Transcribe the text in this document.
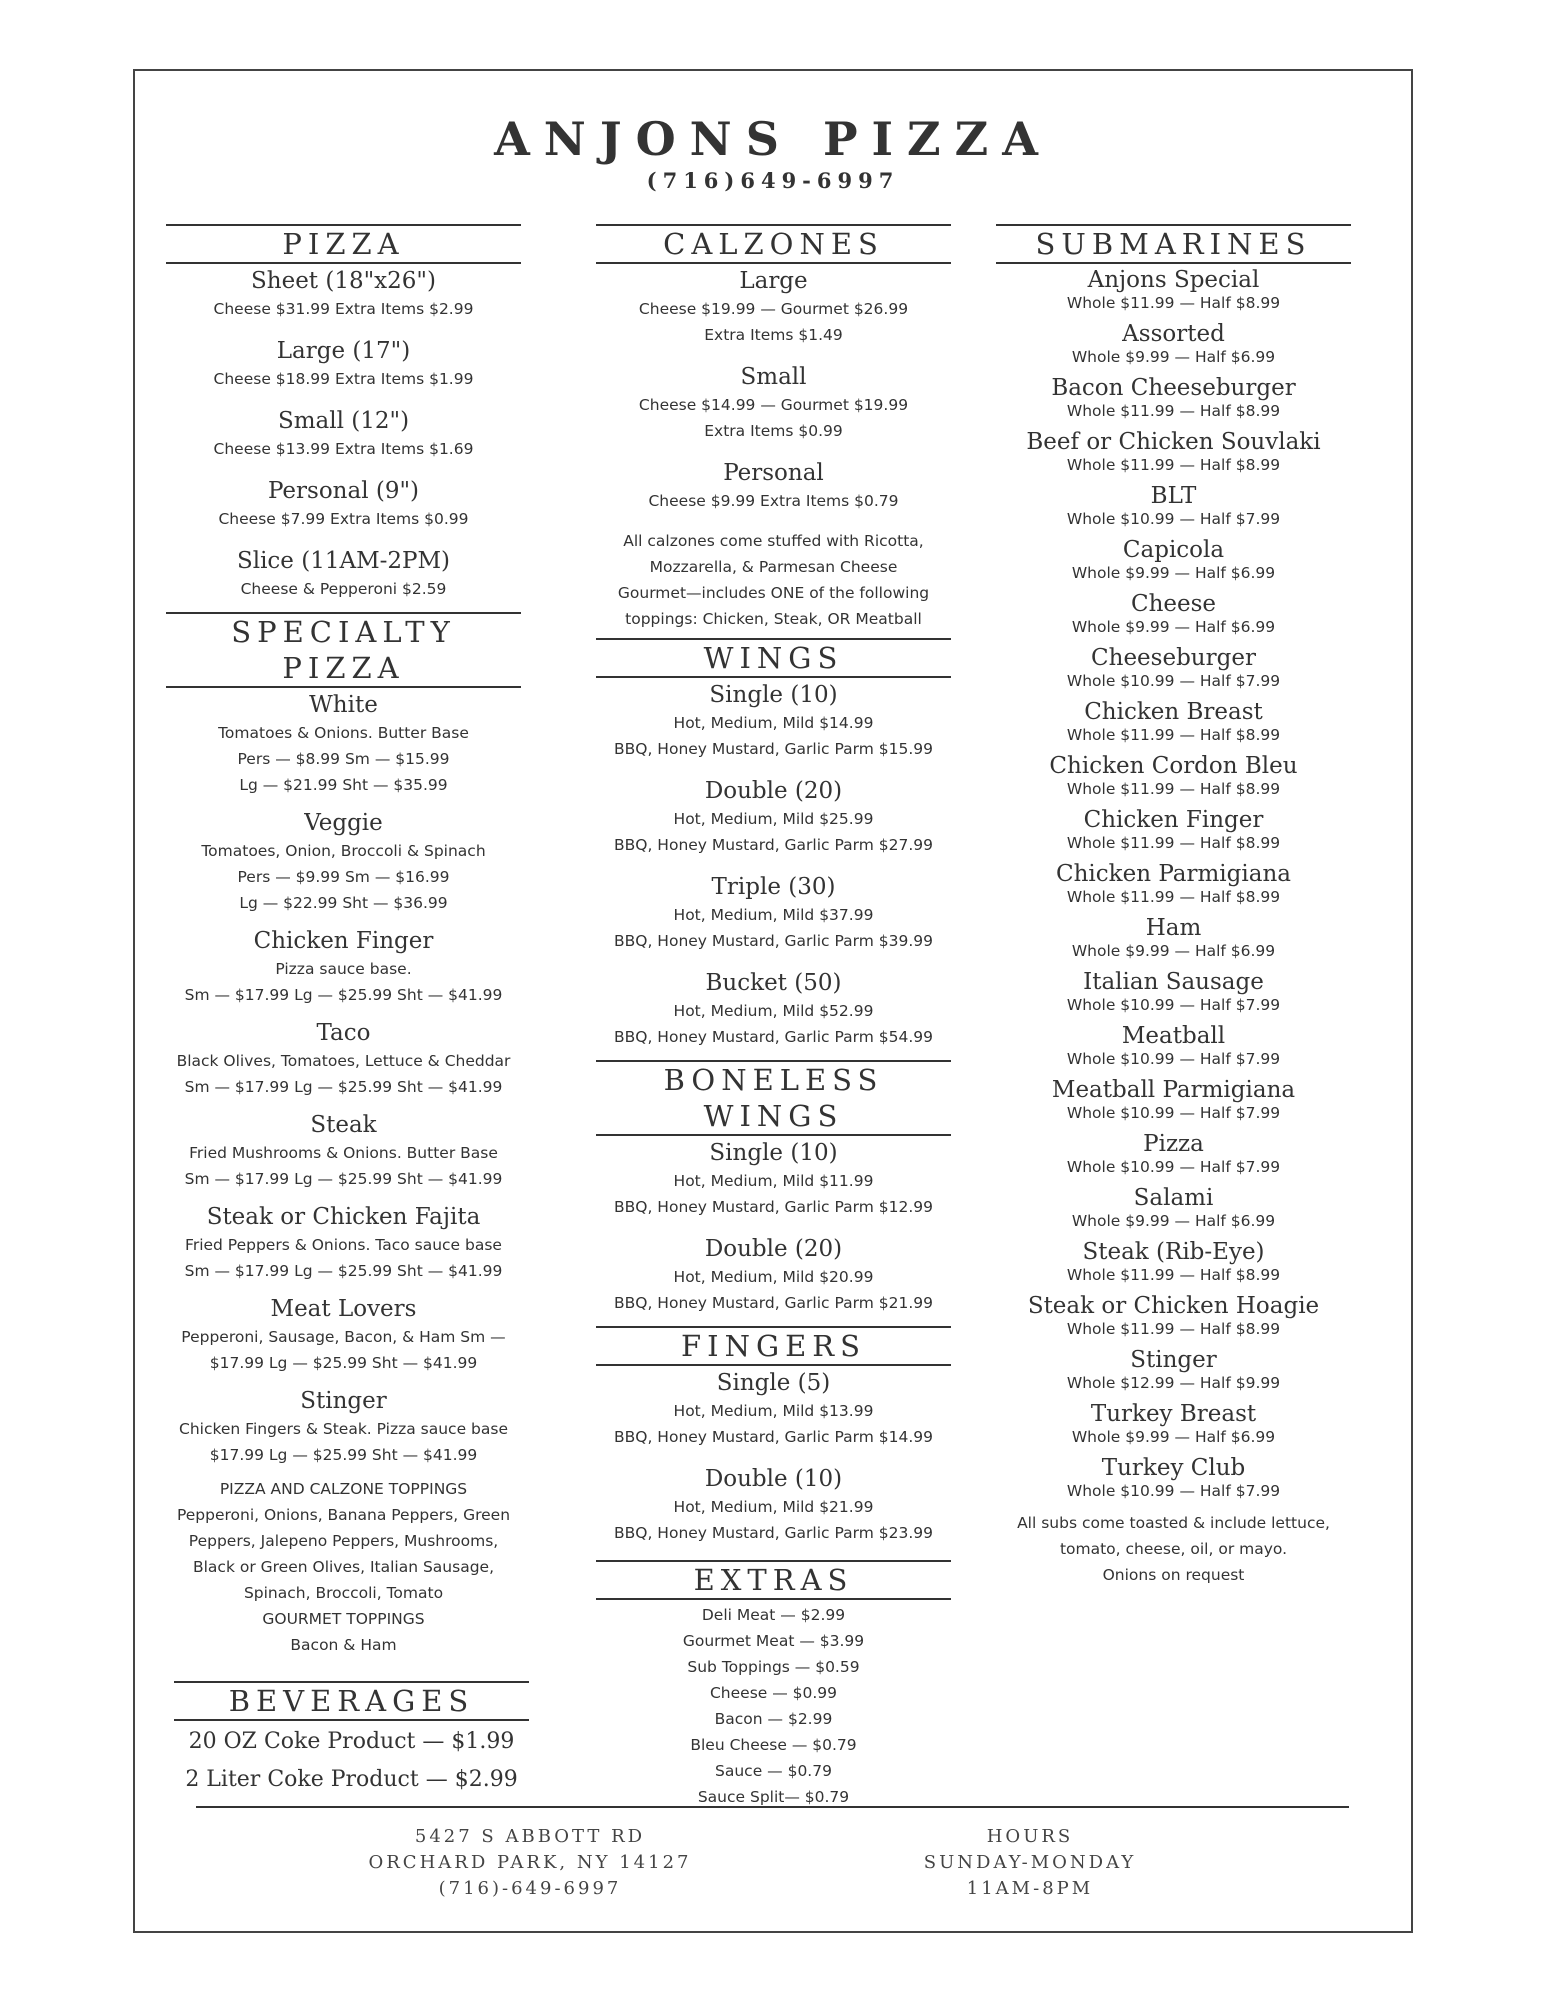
ANJONS PIZZA
(716)649-6997
PIZZA
Sheet (18"x26")
Cheese $31.99 Extra Items $2.99
Large (17")
Cheese $18.99 Extra Items $1.99
Small (12")
Cheese $13.99 Extra Items $1.69
Personal (9")
Cheese $7.99 Extra Items $0.99
Slice (11AM-2PM)
Cheese & Pepperoni $2.59
SPECIALTY PIZZA
White
Tomatoes & Onions. Butter Base
Pers — $8.99 Sm — $15.99
Lg — $21.99 Sht — $35.99
Veggie
Tomatoes, Onion, Broccoli & Spinach
Pers — $9.99 Sm — $16.99
Lg — $22.99 Sht — $36.99
Chicken Finger
Pizza sauce base.
Sm — $17.99 Lg — $25.99 Sht — $41.99
Taco
Black Olives, Tomatoes, Lettuce & Cheddar
Sm — $17.99 Lg — $25.99 Sht — $41.99
Steak
Fried Mushrooms & Onions. Butter Base
Sm — $17.99 Lg — $25.99 Sht — $41.99
Steak or Chicken Fajita
Fried Peppers & Onions. Taco sauce base
Sm — $17.99 Lg — $25.99 Sht — $41.99
Meat Lovers
Pepperoni, Sausage, Bacon, & Ham Sm —
$17.99 Lg — $25.99 Sht — $41.99
Stinger
Chicken Fingers & Steak. Pizza sauce base
$17.99 Lg — $25.99 Sht — $41.99
PIZZA AND CALZONE TOPPINGS
Pepperoni, Onions, Banana Peppers, Green
Peppers, Jalepeno Peppers, Mushrooms,
Black or Green Olives, Italian Sausage,
Spinach, Broccoli, Tomato
GOURMET TOPPINGS
Bacon & Ham
BEVERAGES
20 OZ Coke Product — $1.99
2 Liter Coke Product — $2.99
CALZONES
Large
Cheese $19.99 — Gourmet $26.99
Extra Items $1.49
Small
Cheese $14.99 — Gourmet $19.99
Extra Items $0.99
Personal
Cheese $9.99 Extra Items $0.79
All calzones come stuffed with Ricotta,
Mozzarella, & Parmesan Cheese
Gourmet—includes ONE of the following
toppings: Chicken, Steak, OR Meatball
WINGS
Single (10)
Hot, Medium, Mild $14.99
BBQ, Honey Mustard, Garlic Parm $15.99
Double (20)
Hot, Medium, Mild $25.99
BBQ, Honey Mustard, Garlic Parm $27.99
Triple (30)
Hot, Medium, Mild $37.99
BBQ, Honey Mustard, Garlic Parm $39.99
Bucket (50)
Hot, Medium, Mild $52.99
BBQ, Honey Mustard, Garlic Parm $54.99
BONELESS WINGS
Single (10)
Hot, Medium, Mild $11.99
BBQ, Honey Mustard, Garlic Parm $12.99
Double (20)
Hot, Medium, Mild $20.99
BBQ, Honey Mustard, Garlic Parm $21.99
FINGERS
Single (5)
Hot, Medium, Mild $13.99
BBQ, Honey Mustard, Garlic Parm $14.99
Double (10)
Hot, Medium, Mild $21.99
BBQ, Honey Mustard, Garlic Parm $23.99
EXTRAS
Deli Meat — $2.99
Gourmet Meat — $3.99
Sub Toppings — $0.59
Cheese — $0.99
Bacon — $2.99
Bleu Cheese — $0.79
Sauce — $0.79
Sauce Split— $0.79
SUBMARINES
Anjons Special
Whole $11.99 — Half $8.99
Assorted
Whole $9.99 — Half $6.99
Bacon Cheeseburger
Whole $11.99 — Half $8.99
Beef or Chicken Souvlaki
Whole $11.99 — Half $8.99
BLT
Whole $10.99 — Half $7.99
Capicola
Whole $9.99 — Half $6.99
Cheese
Whole $9.99 — Half $6.99
Cheeseburger
Whole $10.99 — Half $7.99
Chicken Breast
Whole $11.99 — Half $8.99
Chicken Cordon Bleu
Whole $11.99 — Half $8.99
Chicken Finger
Whole $11.99 — Half $8.99
Chicken Parmigiana
Whole $11.99 — Half $8.99
Ham
Whole $9.99 — Half $6.99
Italian Sausage
Whole $10.99 — Half $7.99
Meatball
Whole $10.99 — Half $7.99
Meatball Parmigiana
Whole $10.99 — Half $7.99
Pizza
Whole $10.99 — Half $7.99
Salami
Whole $9.99 — Half $6.99
Steak (Rib-Eye)
Whole $11.99 — Half $8.99
Steak or Chicken Hoagie
Whole $11.99 — Half $8.99
Stinger
Whole $12.99 — Half $9.99
Turkey Breast
Whole $9.99 — Half $6.99
Turkey Club
Whole $10.99 — Half $7.99
All subs come toasted & include lettuce,
tomato, cheese, oil, or mayo.
Onions on request
5427 S ABBOTT RD
ORCHARD PARK, NY 14127
(716)-649-6997
HOURS
SUNDAY-MONDAY
11AM-8PM
